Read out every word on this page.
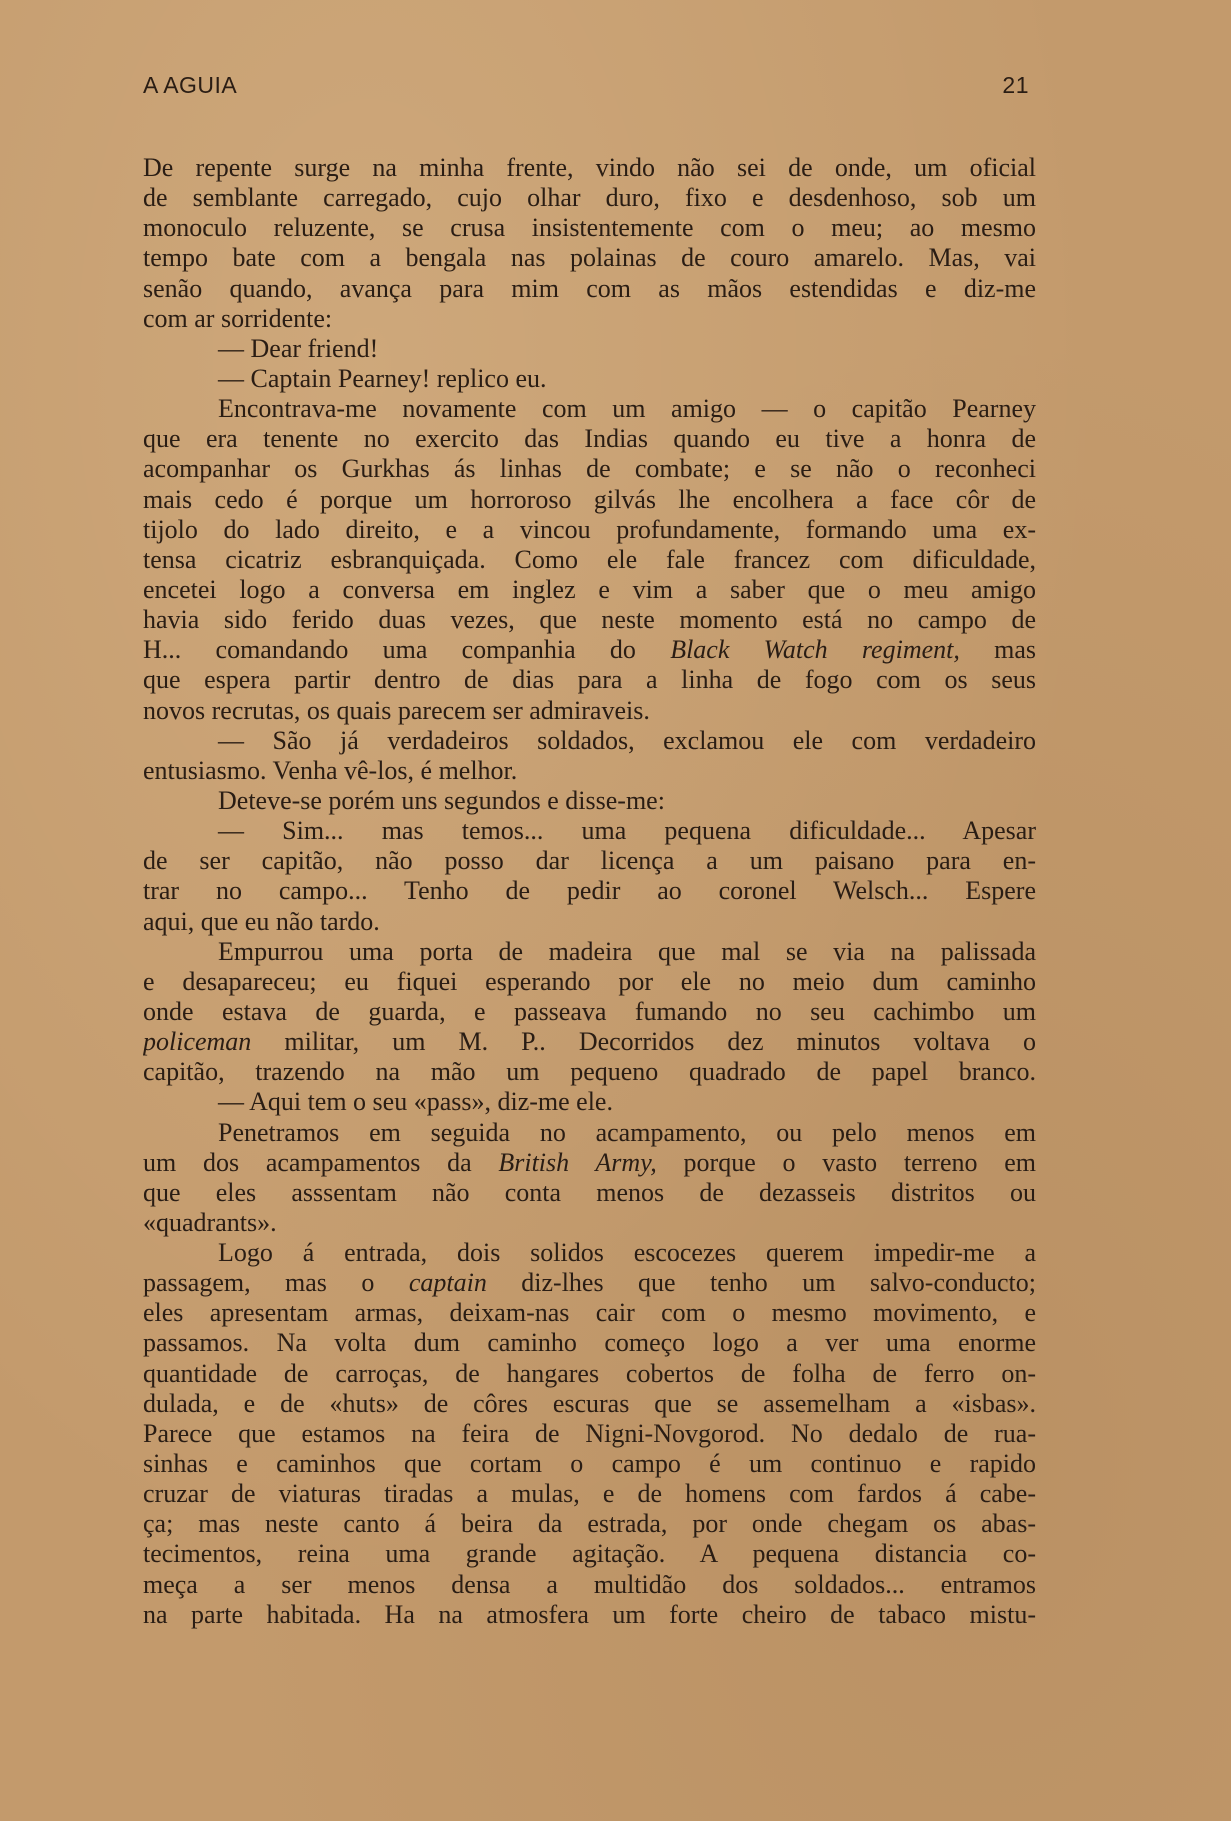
A AGUIA	21
De repente surge na minha frente, vindo não sei de onde, um oficial
de semblante carregado, cujo olhar duro, fixo e desdenhoso, sob um
monoculo reluzente, se crusa insistentemente com o meu; ao mesmo
tempo bate com a bengala nas polainas de couro amarelo. Mas, vai
senão quando, avança para mim com as mãos estendidas e diz-me
com ar sorridente:
— Dear friend!
— Captain Pearney! replico eu.
Encontrava-me novamente com um amigo — o capitão Pearney
que era tenente no exercito das Indias quando eu tive a honra de
acompanhar os Gurkhas ás linhas de combate; e se não o reconheci
mais cedo é porque um horroroso gilvás lhe encolhera a face côr de
tijolo do lado direito, e a vincou profundamente, formando uma ex-
tensa cicatriz esbranquiçada. Como ele fale francez com dificuldade,
encetei logo a conversa em inglez e vim a saber que o meu amigo
havia sido ferido duas vezes, que neste momento está no campo de
H... comandando uma companhia do Black Watch regiment, mas
que espera partir dentro de dias para a linha de fogo com os seus
novos recrutas, os quais parecem ser admiraveis.
— São já verdadeiros soldados, exclamou ele com verdadeiro
entusiasmo. Venha vê-los, é melhor.
Deteve-se porém uns segundos e disse-me:
— Sim... mas temos... uma pequena dificuldade... Apesar
de ser capitão, não posso dar licença a um paisano para en-
trar no campo... Tenho de pedir ao coronel Welsch... Espere
aqui, que eu não tardo.
Empurrou uma porta de madeira que mal se via na palissada
e desapareceu; eu fiquei esperando por ele no meio dum caminho
onde estava de guarda, e passeava fumando no seu cachimbo um
policeman militar, um M. P.. Decorridos dez minutos voltava o
capitão, trazendo na mão um pequeno quadrado de papel branco.
— Aqui tem o seu «pass», diz-me ele.
Penetramos em seguida no acampamento, ou pelo menos em
um dos acampamentos da British Army, porque o vasto terreno em
que eles asssentam não conta menos de dezasseis distritos ou
«quadrants».
Logo á entrada, dois solidos escocezes querem impedir-me a
passagem, mas o captain diz-lhes que tenho um salvo-conducto;
eles apresentam armas, deixam-nas cair com o mesmo movimento, e
passamos. Na volta dum caminho começo logo a ver uma enorme
quantidade de carroças, de hangares cobertos de folha de ferro on-
dulada, e de «huts» de côres escuras que se assemelham a «isbas».
Parece que estamos na feira de Nigni-Novgorod. No dedalo de rua-
sinhas e caminhos que cortam o campo é um continuo e rapido
cruzar de viaturas tiradas a mulas, e de homens com fardos á cabe-
ça; mas neste canto á beira da estrada, por onde chegam os abas-
tecimentos, reina uma grande agitação. A pequena distancia co-
meça a ser menos densa a multidão dos soldados... entramos
na parte habitada. Ha na atmosfera um forte cheiro de tabaco mistu-
